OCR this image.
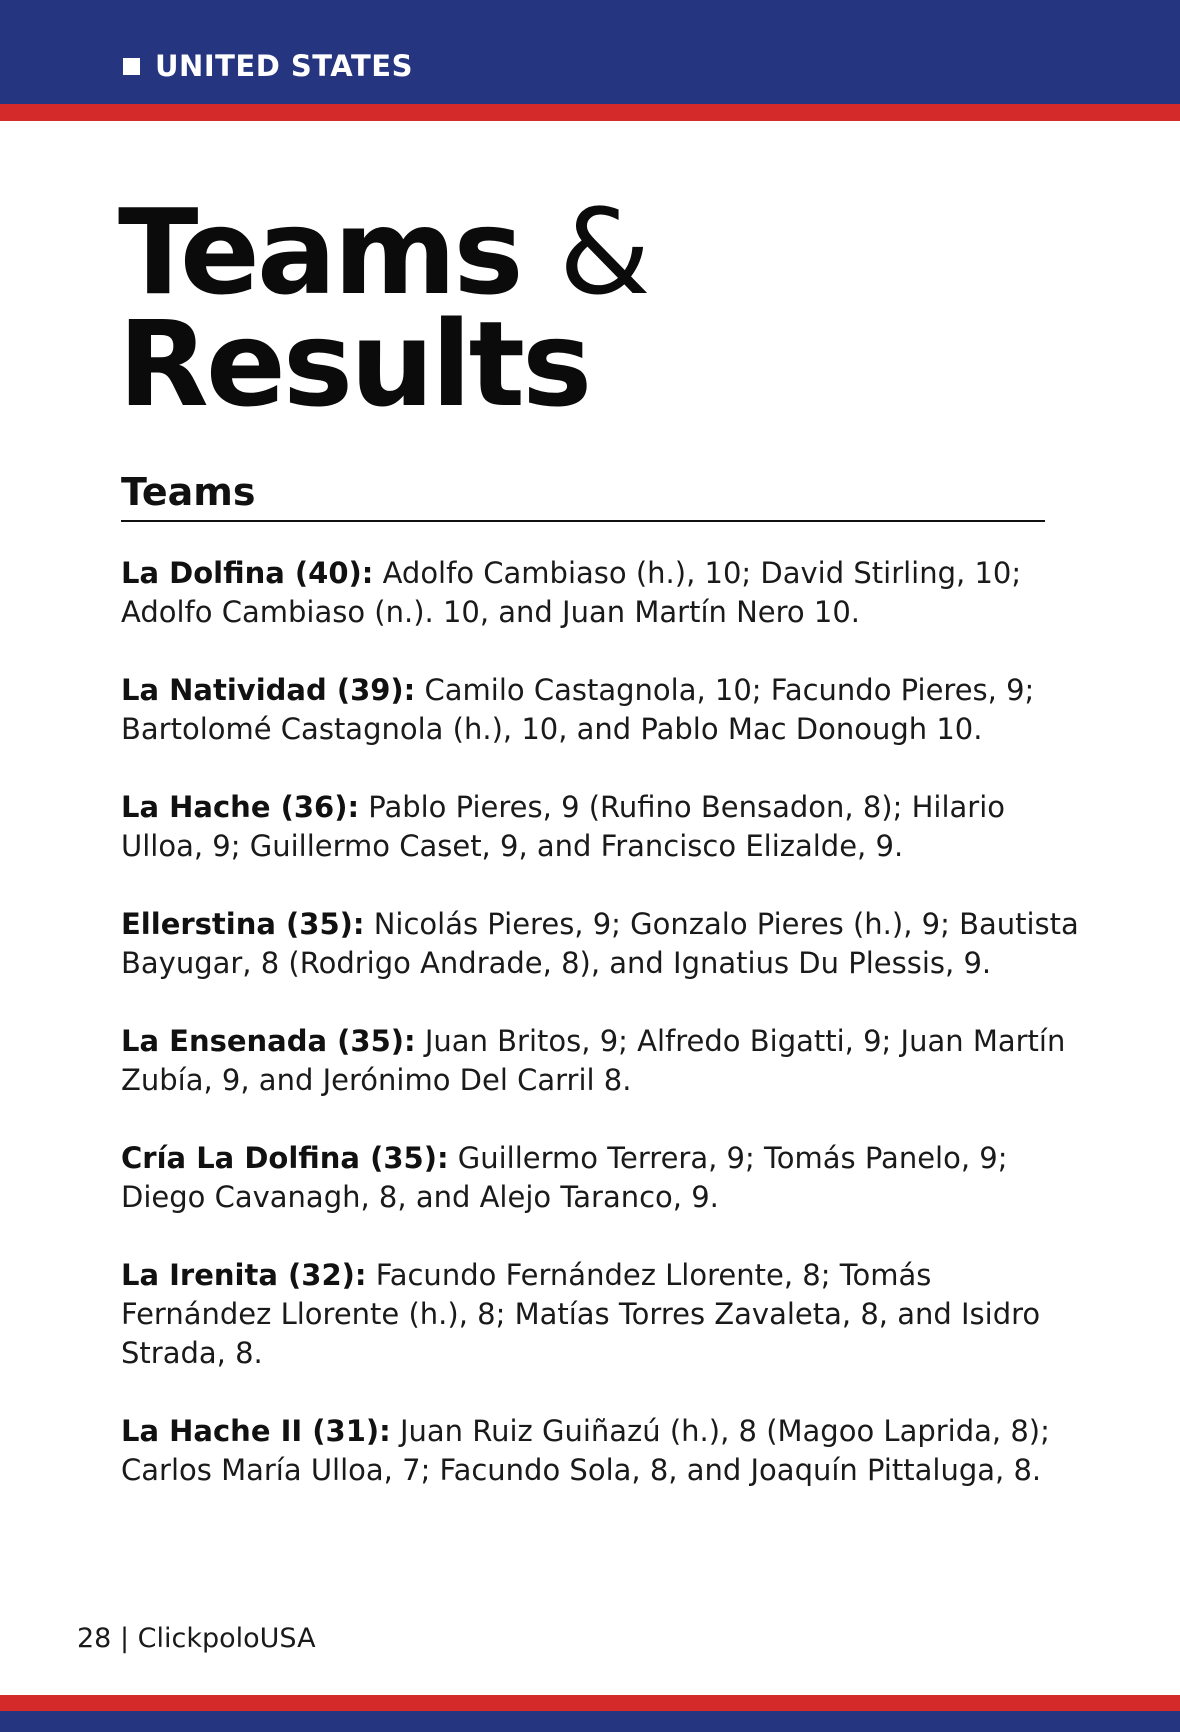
UNITED STATES
Teams &
Results
Teams
La Dolfina (40): Adolfo Cambiaso (h.), 10; David Stirling, 10; Adolfo Cambiaso (n.). 10, and Juan Martín Nero 10.
La Natividad (39): Camilo Castagnola, 10; Facundo Pieres, 9; Bartolomé Castagnola (h.), 10, and Pablo Mac Donough 10.
La Hache (36): Pablo Pieres, 9 (Rufino Bensadon, 8); Hilario Ulloa, 9; Guillermo Caset, 9, and Francisco Elizalde, 9.
Ellerstina (35): Nicolás Pieres, 9; Gonzalo Pieres (h.), 9; Bautista Bayugar, 8 (Rodrigo Andrade, 8), and Ignatius Du Plessis, 9.
La Ensenada (35): Juan Britos, 9; Alfredo Bigatti, 9; Juan Martín Zubía, 9, and Jerónimo Del Carril 8.
Cría La Dolfina (35): Guillermo Terrera, 9; Tomás Panelo, 9; Diego Cavanagh, 8, and Alejo Taranco, 9.
La Irenita (32): Facundo Fernández Llorente, 8; Tomás Fernández Llorente (h.), 8; Matías Torres Zavaleta, 8, and Isidro Strada, 8.
La Hache II (31): Juan Ruiz Guiñazú (h.), 8 (Magoo Laprida, 8); Carlos María Ulloa, 7; Facundo Sola, 8, and Joaquín Pittaluga, 8.
28 | ClickpoloUSA
